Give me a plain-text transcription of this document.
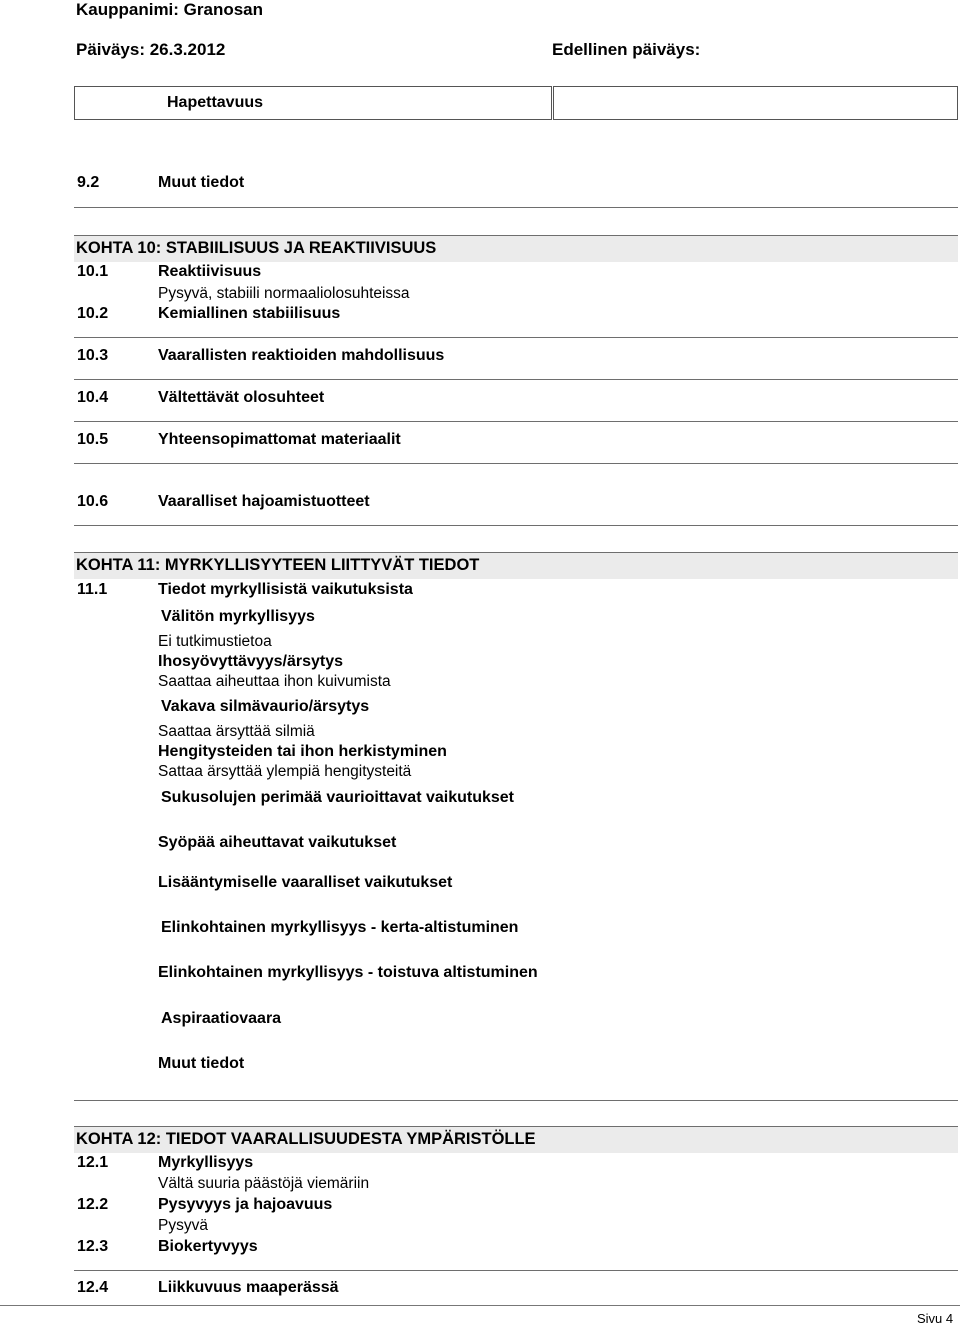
Kauppanimi: Granosan
Päiväys: 26.3.2012	Edellinen päiväys:
Hapettavuus
9.2	Muut tiedot
KOHTA 10: STABIILISUUS JA REAKTIIVISUUS
10.1	Reaktiivisuus
Pysyvä, stabiili normaaliolosuhteissa
10.2	Kemiallinen stabiilisuus
10.3	Vaarallisten reaktioiden mahdollisuus
10.4	Vältettävät olosuhteet
10.5	Yhteensopimattomat materiaalit
10.6	Vaaralliset hajoamistuotteet
KOHTA 11: MYRKYLLISYYTEEN LIITTYVÄT TIEDOT
11.1	Tiedot myrkyllisistä vaikutuksista
Välitön myrkyllisyys
Ei tutkimustietoa
Ihosyövyttävyys/ärsytys
Saattaa aiheuttaa ihon kuivumista
Vakava silmävaurio/ärsytys
Saattaa ärsyttää silmiä
Hengitysteiden tai ihon herkistyminen
Sattaa ärsyttää ylempiä hengitysteitä
Sukusolujen perimää vaurioittavat vaikutukset
Syöpää aiheuttavat vaikutukset
Lisääntymiselle vaaralliset vaikutukset
Elinkohtainen myrkyllisyys - kerta-altistuminen
Elinkohtainen myrkyllisyys - toistuva altistuminen
Aspiraatiovaara
Muut tiedot
KOHTA 12: TIEDOT VAARALLISUUDESTA YMPÄRISTÖLLE
12.1	Myrkyllisyys
Vältä suuria päästöjä viemäriin
12.2	Pysyvyys ja hajoavuus
Pysyvä
12.3	Biokertyvyys
12.4	Liikkuvuus maaperässä
Sivu 4
